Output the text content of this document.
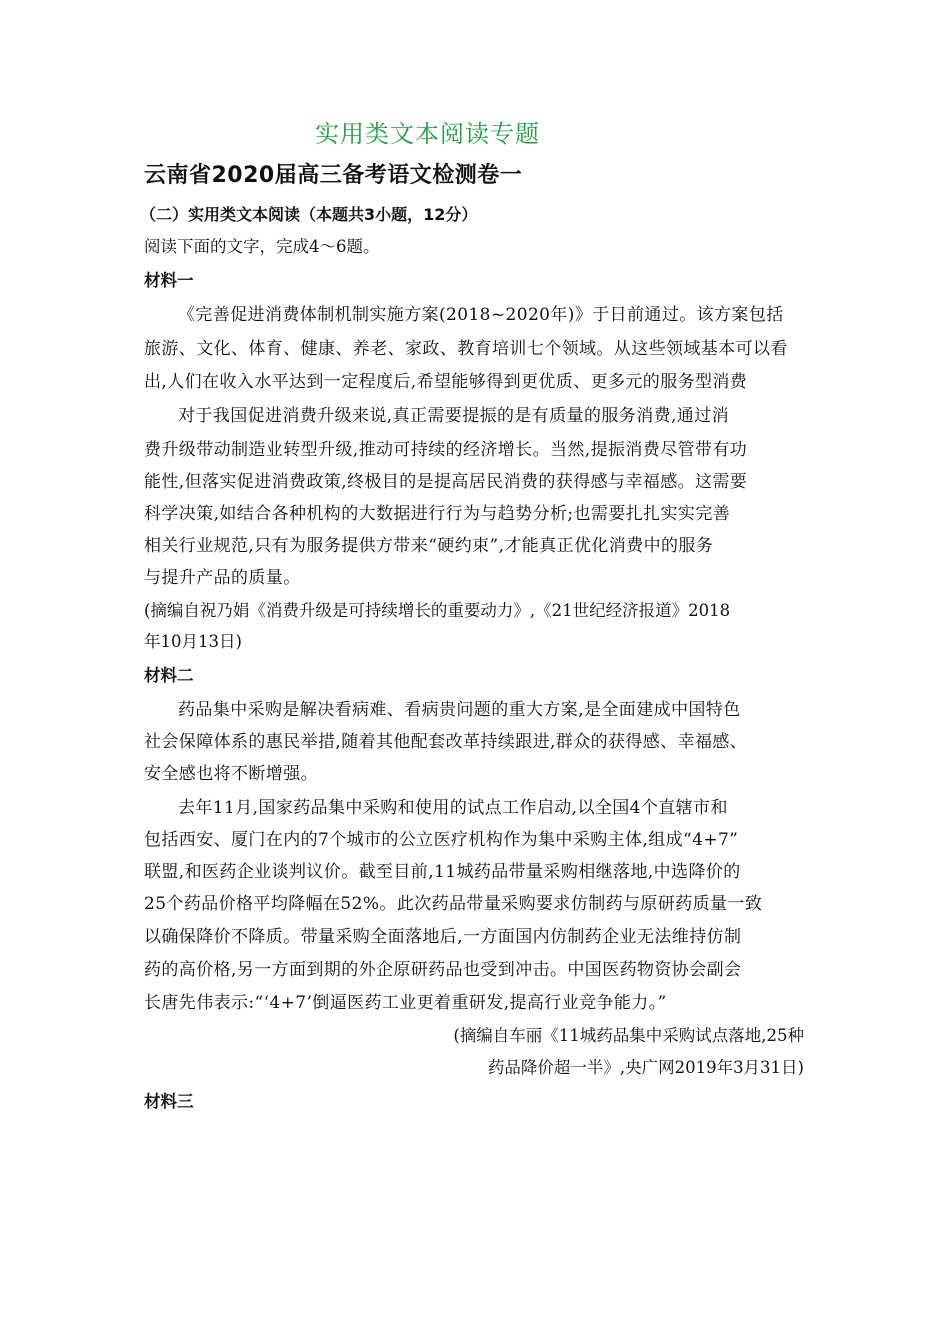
实用类文本阅读专题
云南省2020届高三备考语文检测卷一
（二）实用类文本阅读（本题共3小题，12分）
阅读下面的文字，完成4～6题。
材料一
《完善促进消费体制机制实施方案(2018~2020年)》于日前通过。该方案包括
旅游、文化、体育、健康、养老、家政、教育培训七个领域。从这些领域基本可以看
出,人们在收入水平达到一定程度后,希望能够得到更优质、更多元的服务型消费
对于我国促进消费升级来说,真正需要提振的是有质量的服务消费,通过消
费升级带动制造业转型升级,推动可持续的经济增长。当然,提振消费尽管带有功
能性,但落实促进消费政策,终极目的是提高居民消费的获得感与幸福感。这需要
科学决策,如结合各种机构的大数据进行行为与趋势分析;也需要扎扎实实完善
相关行业规范,只有为服务提供方带来“硬约束”,才能真正优化消费中的服务
与提升产品的质量。
(摘编自祝乃娟《消费升级是可持续增长的重要动力》,《21世纪经济报道》2018
年10月13日)
材料二
药品集中采购是解决看病难、看病贵问题的重大方案,是全面建成中国特色
社会保障体系的惠民举措,随着其他配套改革持续跟进,群众的获得感、幸福感、
安全感也将不断增强。
去年11月,国家药品集中采购和使用的试点工作启动,以全国4个直辖市和
包括西安、厦门在内的7个城市的公立医疗机构作为集中采购主体,组成“4+7”
联盟,和医药企业谈判议价。截至目前,11城药品带量采购相继落地,中选降价的
25个药品价格平均降幅在52%。此次药品带量采购要求仿制药与原研药质量一致
以确保降价不降质。带量采购全面落地后,一方面国内仿制药企业无法维持仿制
药的高价格,另一方面到期的外企原研药品也受到冲击。中国医药物资协会副会
长唐先伟表示:“‘4+7’倒逼医药工业更着重研发,提高行业竞争能力。”
(摘编自车丽《11城药品集中采购试点落地,25种
药品降价超一半》,央广网2019年3月31日)
材料三
